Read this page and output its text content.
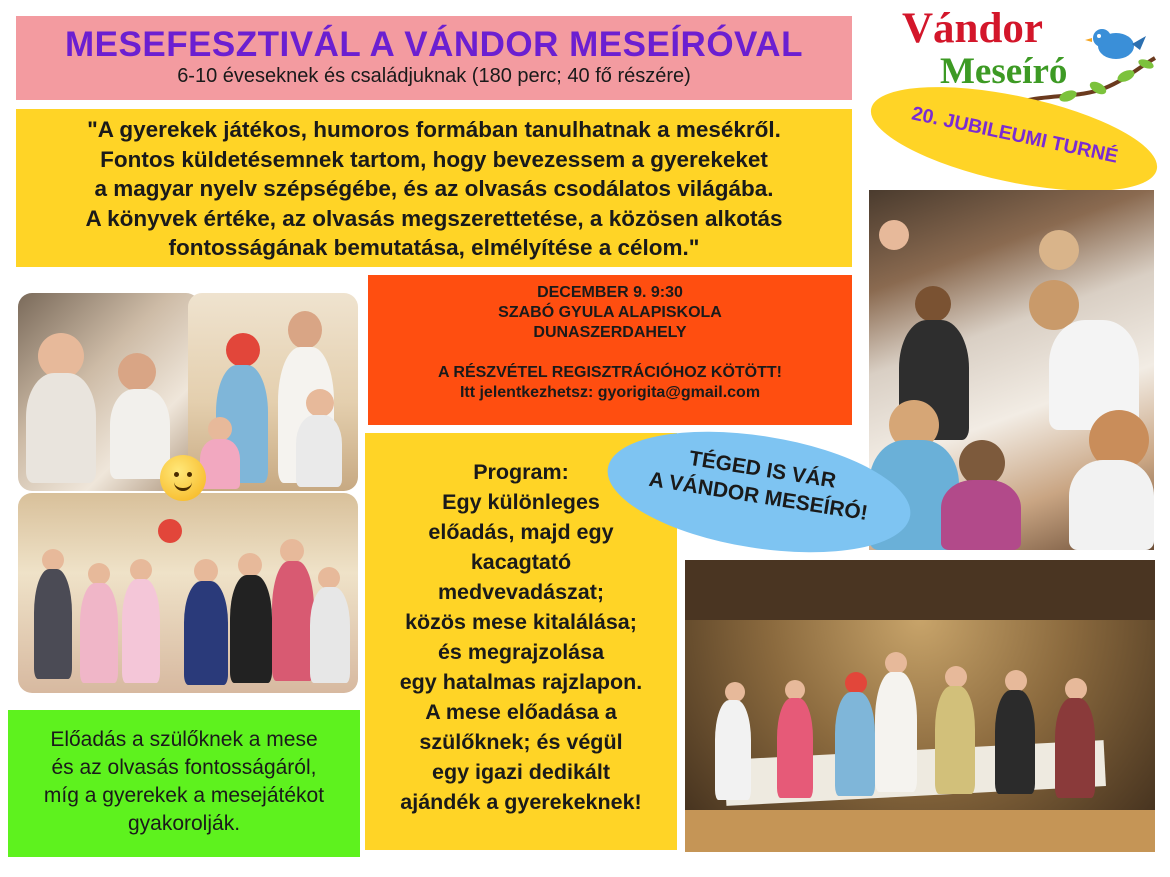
MESEFESZTIVÁL A VÁNDOR MESEÍRÓVAL
6-10 éveseknek és családjuknak (180 perc; 40 fő részére)
"A gyerekek játékos, humoros formában tanulhatnak a mesékről.
Fontos küldetésemnek tartom, hogy bevezessem a gyerekeket
a magyar nyelv szépségébe, és az olvasás csodálatos világába.
A könyvek értéke, az olvasás megszerettetése, a közösen alkotás
fontosságának bemutatása, elmélyítése a célom."
Vándor
Meseíró
20. JUBILEUMI TURNÉ
DECEMBER 9. 9:30
SZABÓ GYULA ALAPISKOLA
DUNASZERDAHELY
A RÉSZVÉTEL REGISZTRÁCIÓHOZ KÖTÖTT!
Itt jelentkezhetsz: gyorigita@gmail.com
Program:
Egy különleges
előadás, majd egy
kacagtató
medvevadászat;
közös mese kitalálása;
és megrajzolása
egy hatalmas rajzlapon.
A mese előadása a
szülőknek; és végül
egy igazi dedikált
ajándék a gyerekeknek!
Előadás a szülőknek a mese
és az olvasás fontosságáról,
míg a gyerekek a mesejátékot
gyakorolják.
TÉGED IS VÁR
A VÁNDOR MESEÍRÓ!
